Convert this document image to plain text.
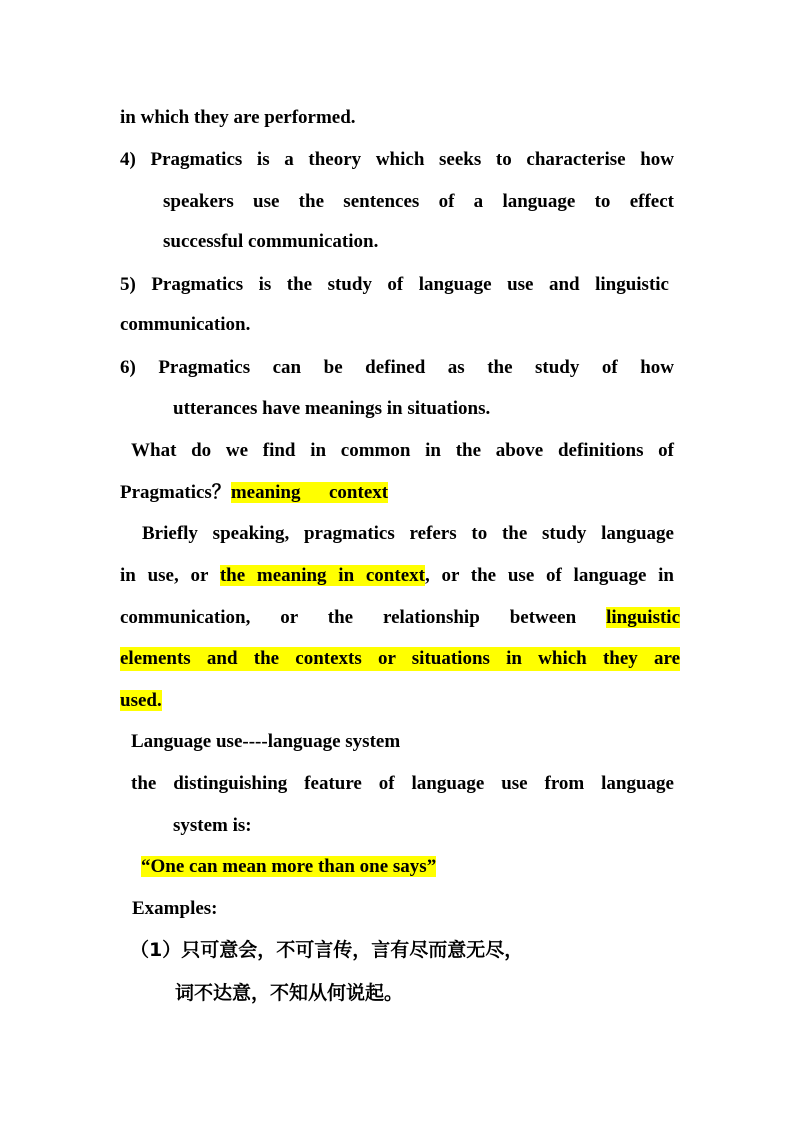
in which they are performed.
4) Pragmatics is a theory which seeks to characterise how
speakers use the sentences of a language to effect
successful communication.
5) Pragmatics is the study of language use and linguistic
communication.
6) Pragmatics can be defined as the study of how
utterances have meanings in situations.
What do we find in common in the above definitions of
Pragmatics？meaning      context
Briefly speaking, pragmatics refers to the study language
in use, or the meaning in context, or the use of language in
communication, or the relationship between linguistic
elements and the contexts or situations in which they are
used.
Language use----language system
the distinguishing feature of language use from language
system is:
“One can mean more than one says”
Examples:
（1）只可意会，不可言传，言有尽而意无尽，
词不达意，不知从何说起。
